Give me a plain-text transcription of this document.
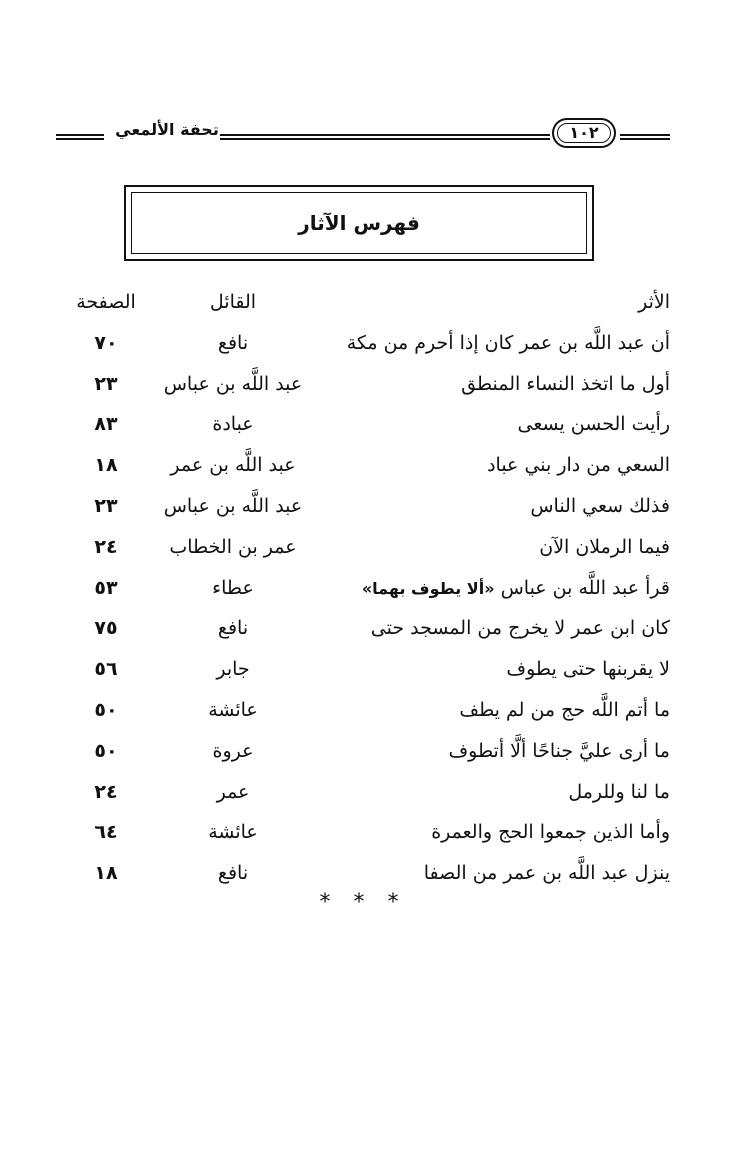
تحفة الألمعي	١٠٢
فهرس الآثار
الأثر
القائل
الصفحة
أن عبد اللَّه بن عمر كان إذا أحرم من مكة
نافع
٧٠
أول ما اتخذ النساء المنطق
عبد اللَّه بن عباس
٢٣
رأيت الحسن يسعى
عبادة
٨٣
السعي من دار بني عباد
عبد اللَّه بن عمر
١٨
فذلك سعي الناس
عبد اللَّه بن عباس
٢٣
فيما الرملان الآن
عمر بن الخطاب
٢٤
قرأ عبد اللَّه بن عباس «ألا يطوف بهما»
عطاء
٥٣
كان ابن عمر لا يخرج من المسجد حتى
نافع
٧٥
لا يقربنها حتى يطوف
جابر
٥٦
ما أتم اللَّه حج من لم يطف
عائشة
٥٠
ما أرى عليَّ جناحًا ألَّا أتطوف
عروة
٥٠
ما لنا وللرمل
عمر
٢٤
وأما الذين جمعوا الحج والعمرة
عائشة
٦٤
ينزل عبد اللَّه بن عمر من الصفا
نافع
١٨
* * *
